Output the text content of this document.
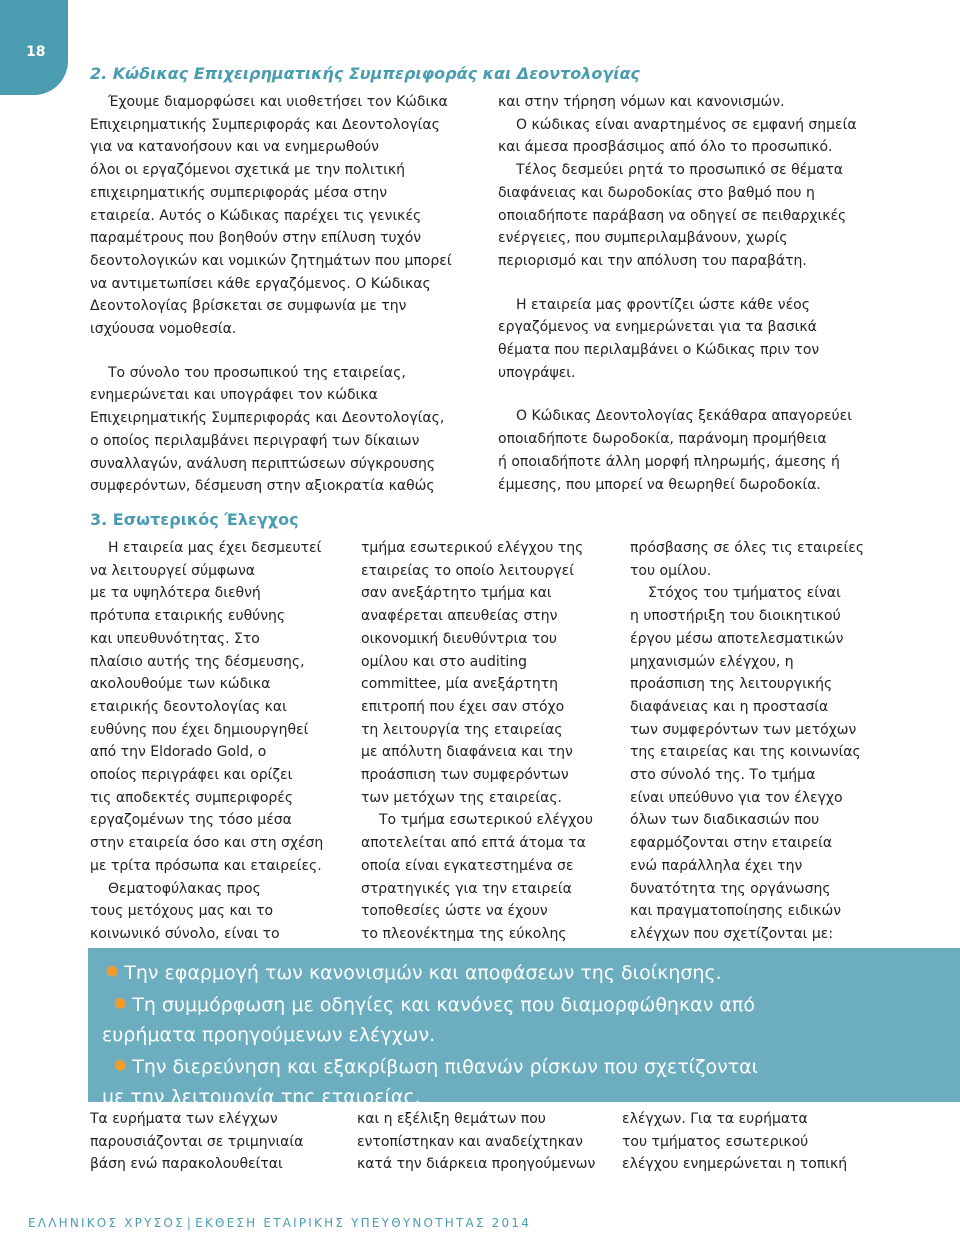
18
2. Κώδικας Επιχειρηματικής Συμπεριφοράς και Δεοντολογίας

Έχουμε διαμορφώσει και υιοθετήσει τον Κώδικα
Επιχειρηματικής Συμπεριφοράς και Δεοντολογίας
για να κατανοήσουν και να ενημερωθούν
όλοι οι εργαζόμενοι σχετικά με την πολιτική
επιχειρηματικής συμπεριφοράς μέσα στην
εταιρεία. Αυτός ο Κώδικας παρέχει τις γενικές
παραμέτρους που βοηθούν στην επίλυση τυχόν
δεοντολογικών και νομικών ζητημάτων που μπορεί
να αντιμετωπίσει κάθε εργαζόμενος. Ο Κώδικας
Δεοντολογίας βρίσκεται σε συμφωνία με την
ισχύουσα νομοθεσία.

Το σύνολο του προσωπικού της εταιρείας,
ενημερώνεται και υπογράφει τον κώδικα
Επιχειρηματικής Συμπεριφοράς και Δεοντολογίας,
ο οποίος περιλαμβάνει περιγραφή των δίκαιων
συναλλαγών, ανάλυση περιπτώσεων σύγκρουσης
συμφερόντων, δέσμευση στην αξιοκρατία καθώς

και στην τήρηση νόμων και κανονισμών.
Ο κώδικας είναι αναρτημένος σε εμφανή σημεία
και άμεσα προσβάσιμος από όλο το προσωπικό.
Τέλος δεσμεύει ρητά το προσωπικό σε θέματα
διαφάνειας και δωροδοκίας στο βαθμό που η
οποιαδήποτε παράβαση να οδηγεί σε πειθαρχικές
ενέργειες, που συμπεριλαμβάνουν, χωρίς
περιορισμό και την απόλυση του παραβάτη.

Η εταιρεία μας φροντίζει ώστε κάθε νέος
εργαζόμενος να ενημερώνεται για τα βασικά
θέματα που περιλαμβάνει ο Κώδικας πριν τον
υπογράψει.

Ο Κώδικας Δεοντολογίας ξεκάθαρα απαγορεύει
οποιαδήποτε δωροδοκία, παράνομη προμήθεια
ή οποιαδήποτε άλλη μορφή πληρωμής, άμεσης ή
έμμεσης, που μπορεί να θεωρηθεί δωροδοκία.

3. Εσωτερικός Έλεγχος

Η εταιρεία μας έχει δεσμευτεί
να λειτουργεί σύμφωνα
με τα υψηλότερα διεθνή
πρότυπα εταιρικής ευθύνης
και υπευθυνότητας. Στο
πλαίσιο αυτής της δέσμευσης,
ακολουθούμε των κώδικα
εταιρικής δεοντολογίας και
ευθύνης που έχει δημιουργηθεί
από την Eldorado Gold, ο
οποίος περιγράφει και ορίζει
τις αποδεκτές συμπεριφορές
εργαζομένων της τόσο μέσα
στην εταιρεία όσο και στη σχέση
με τρίτα πρόσωπα και εταιρείες.

Θεματοφύλακας προς
τους μετόχους μας και το
κοινωνικό σύνολο, είναι το

τμήμα εσωτερικού ελέγχου της
εταιρείας το οποίο λειτουργεί
σαν ανεξάρτητο τμήμα και
αναφέρεται απευθείας στην
οικονομική διευθύντρια του
ομίλου και στο auditing
committee, μία ανεξάρτητη
επιτροπή που έχει σαν στόχο
τη λειτουργία της εταιρείας
με απόλυτη διαφάνεια και την
προάσπιση των συμφερόντων
των μετόχων της εταιρείας.

Το τμήμα εσωτερικού ελέγχου
αποτελείται από επτά άτομα τα
οποία είναι εγκατεστημένα σε
στρατηγικές για την εταιρεία
τοποθεσίες ώστε να έχουν
το πλεονέκτημα της εύκολης

πρόσβασης σε όλες τις εταιρείες
του ομίλου.

Στόχος του τμήματος είναι
η υποστήριξη του διοικητικού
έργου μέσω αποτελεσματικών
μηχανισμών ελέγχου, η
προάσπιση της λειτουργικής
διαφάνειας και η προστασία
των συμφερόντων των μετόχων
της εταιρείας και της κοινωνίας
στο σύνολό της. Το τμήμα
είναι υπεύθυνο για τον έλεγχο
όλων των διαδικασιών που
εφαρμόζονται στην εταιρεία
ενώ παράλληλα έχει την
δυνατότητα της οργάνωσης
και πραγματοποίησης ειδικών
ελέγχων που σχετίζονται με:

● Την εφαρμογή των κανονισμών και αποφάσεων της διοίκησης.

● Τη συμμόρφωση με οδηγίες και κανόνες που διαμορφώθηκαν από
ευρήματα προηγούμενων ελέγχων.

● Την διερεύνηση και εξακρίβωση πιθανών ρίσκων που σχετίζονται
με την λειτουργία της εταιρείας.

Τα ευρήματα των ελέγχων
παρουσιάζονται σε τριμηνιαία
βάση ενώ παρακολουθείται

και η εξέλιξη θεμάτων που
εντοπίστηκαν και αναδείχτηκαν
κατά την διάρκεια προηγούμενων

ελέγχων. Για τα ευρήματα
του τμήματος εσωτερικού
ελέγχου ενημερώνεται η τοπική

ΕΛΛΗΝΙΚΟΣ ΧΡΥΣΟΣ | ΕΚΘΕΣΗ ΕΤΑΙΡΙΚΗΣ ΥΠΕΥΘΥΝΟΤΗΤΑΣ 2014
